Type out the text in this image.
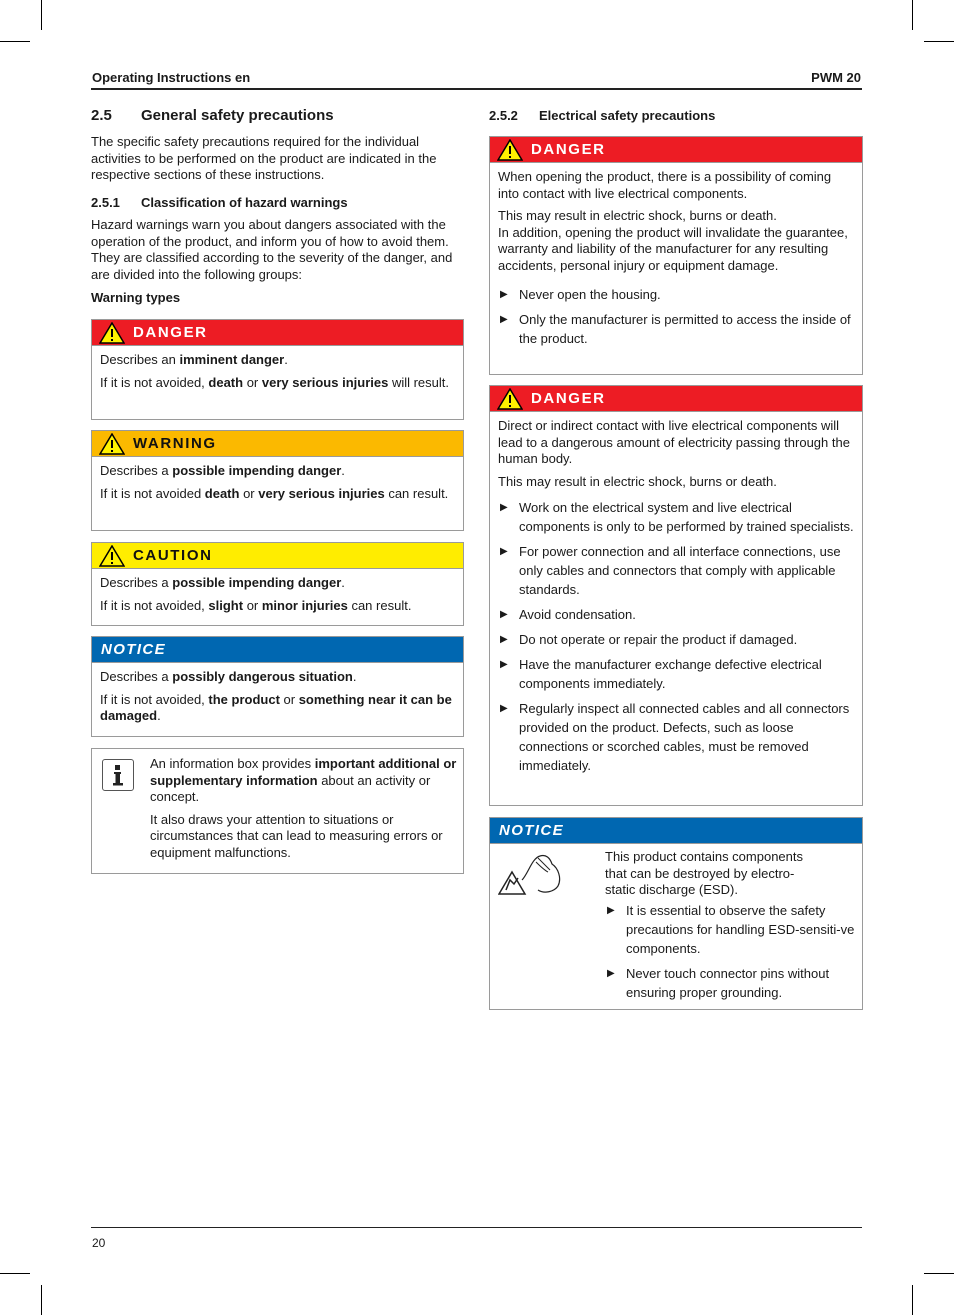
Operating Instructions en	PWM 20
2.5 General safety precautions
The specific safety precautions required for the individual activities to be performed on the product are indicated in the respective sections of these instructions.
2.5.1 Classification of hazard warnings
Hazard warnings warn you about dangers associated with the operation of the product, and inform you of how to avoid them. They are classified according to the severity of the danger, and are divided into the following groups:
Warning types
DANGER

Describes an imminent danger.

If it is not avoided, death or very serious injuries will result.

WARNING

Describes a possible impending danger.

If it is not avoided death or very serious injuries can result.

CAUTION

Describes a possible impending danger.

If it is not avoided, slight or minor injuries can result.

NOTICE

Describes a possibly dangerous situation.

If it is not avoided, the product or something near it can be damaged.

An information box provides important additional or supplementary information about an activity or concept.

It also draws your attention to situations or circumstances that can lead to measuring errors or equipment malfunctions.

2.5.2 Electrical safety precautions
DANGER

When opening the product, there is a possibility of coming into contact with live electrical components.

This may result in electric shock, burns or death.
In addition, opening the product will invalidate the guarantee, warranty and liability of the manufacturer for any resulting accidents, personal injury or equipment damage.

▶ Never open the housing.
▶ Only the manufacturer is permitted to access the inside of the product.
DANGER

Direct or indirect contact with live electrical components will lead to a dangerous amount of electricity passing through the human body.

This may result in electric shock, burns or death.

▶ Work on the electrical system and live electrical components is only to be performed by trained specialists.
▶ For power connection and all interface connections, use only cables and connectors that comply with applicable standards.
▶ Avoid condensation.
▶ Do not operate or repair the product if damaged.
▶ Have the manufacturer exchange defective electrical components immediately.
▶ Regularly inspect all connected cables and all connectors provided on the product. Defects, such as loose connections or scorched cables, must be removed immediately.
NOTICE

This product contains components that can be destroyed by electro-static discharge (ESD).

▶ It is essential to observe the safety precautions for handling ESD-sensiti-ve components.
▶ Never touch connector pins without ensuring proper grounding.
20
